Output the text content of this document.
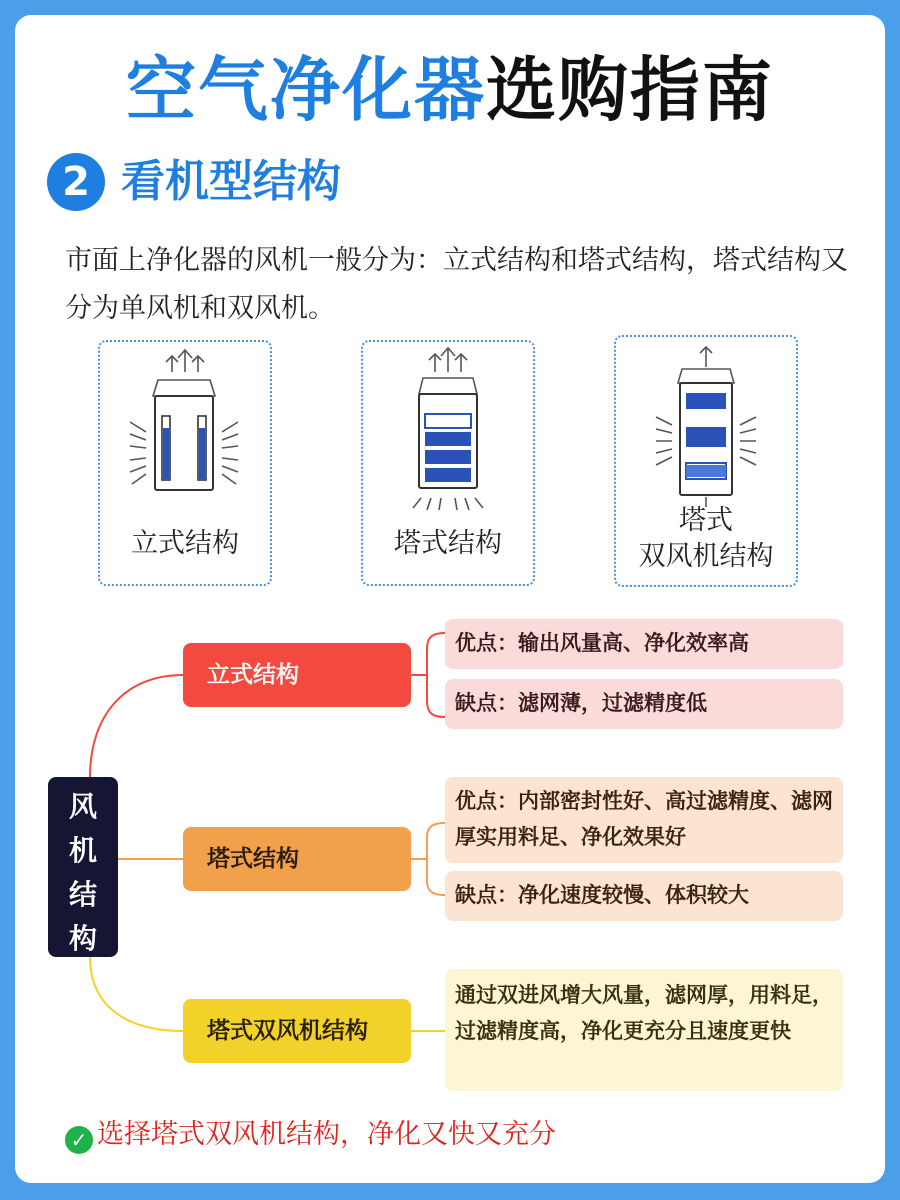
空气净化器选购指南
2 看机型结构
市面上净化器的风机一般分为：立式结构和塔式结构，塔式结构又分为单风机和双风机。
立式结构	塔式结构
塔式
双风机结构
风
机
结
构
立式结构
塔式结构
塔式双风机结构
优点：输出风量高、净化效率高
缺点：滤网薄，过滤精度低
优点：内部密封性好、高过滤精度、滤网厚实用料足、净化效果好
缺点：净化速度较慢、体积较大
通过双进风增大风量，滤网厚，用料足，过滤精度高，净化更充分且速度更快
✓ 选择塔式双风机结构，净化又快又充分
